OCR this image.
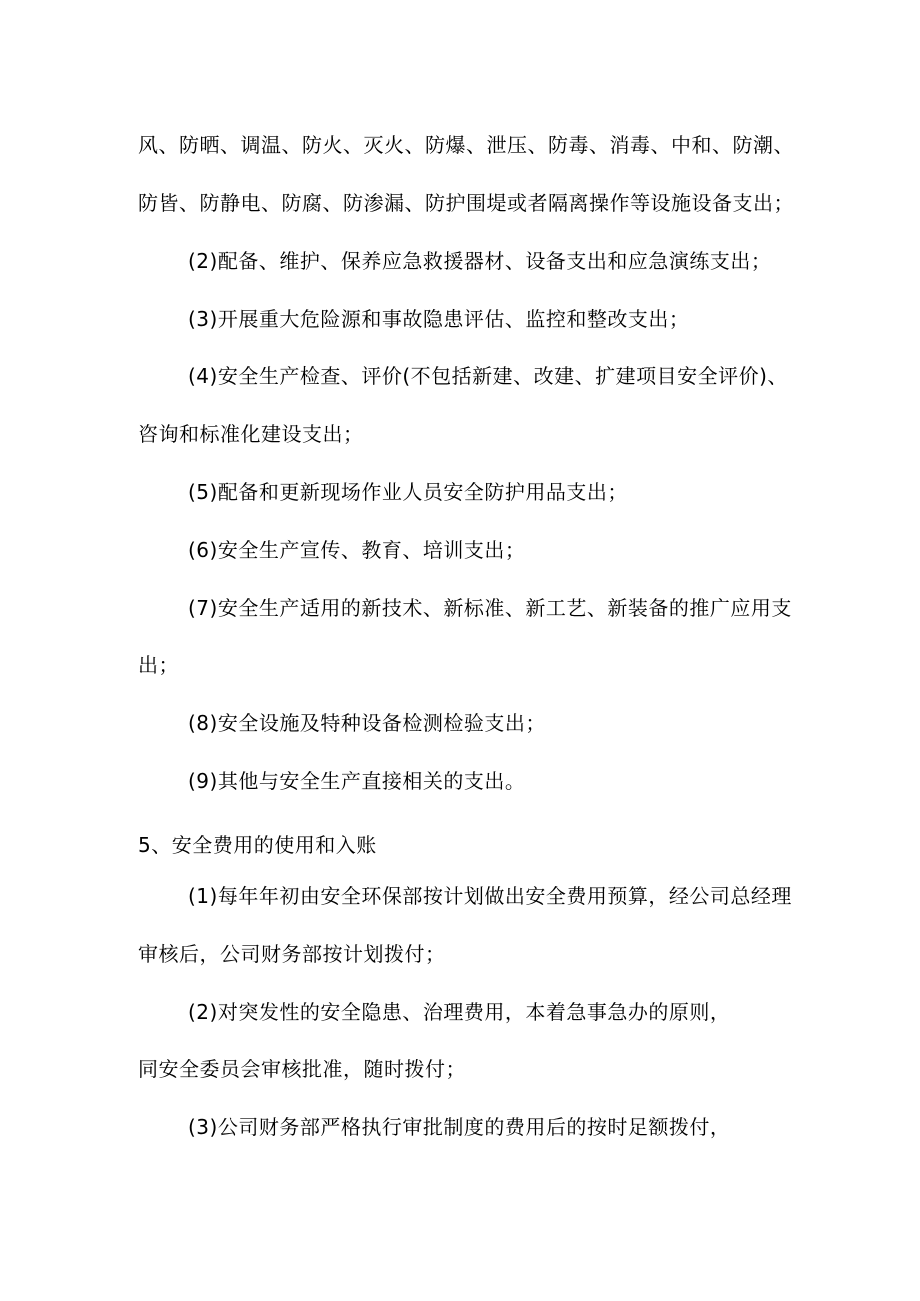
风、防晒、调温、防火、灭火、防爆、泄压、防毒、消毒、中和、防潮、
防皆、防静电、防腐、防渗漏、防护围堤或者隔离操作等设施设备支出；
(2)配备、维护、保养应急救援器材、设备支出和应急演练支出；
(3)开展重大危险源和事故隐患评估、监控和整改支出；
(4)安全生产检查、评价(不包括新建、改建、扩建项目安全评价)、
咨询和标准化建设支出；
(5)配备和更新现场作业人员安全防护用品支出；
(6)安全生产宣传、教育、培训支出；
(7)安全生产适用的新技术、新标准、新工艺、新装备的推广应用支
出；
(8)安全设施及特种设备检测检验支出；
(9)其他与安全生产直接相关的支出。
5、安全费用的使用和入账
(1)每年年初由安全环保部按计划做出安全费用预算，经公司总经理
审核后，公司财务部按计划拨付；
(2)对突发性的安全隐患、治理费用，本着急事急办的原则，
同安全委员会审核批准，随时拨付；
(3)公司财务部严格执行审批制度的费用后的按时足额拨付，
